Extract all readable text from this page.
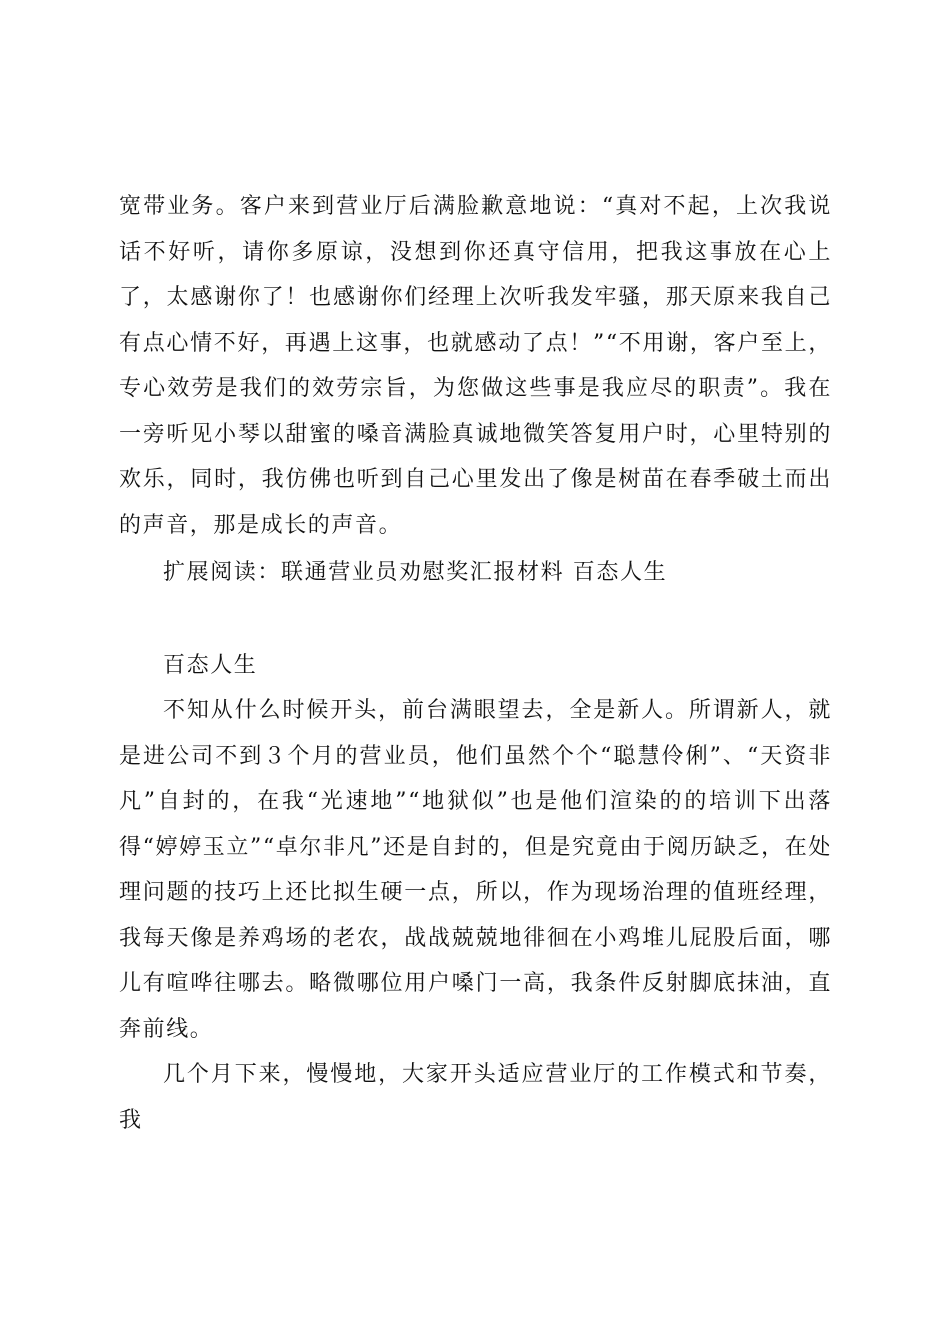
宽带业务。客户来到营业厅后满脸歉意地说：“真对不起，上次我说话不好听，请你多原谅，没想到你还真守信用，把我这事放在心上了，太感谢你了！也感谢你们经理上次听我发牢骚，那天原来我自己有点心情不好，再遇上这事，也就感动了点！”“不用谢，客户至上，专心效劳是我们的效劳宗旨，为您做这些事是我应尽的职责”。我在一旁听见小琴以甜蜜的嗓音满脸真诚地微笑答复用户时，心里特别的欢乐，同时，我仿佛也听到自己心里发出了像是树苗在春季破土而出的声音，那是成长的声音。

扩展阅读：联通营业员劝慰奖汇报材料 百态人生

百态人生

不知从什么时候开头，前台满眼望去，全是新人。所谓新人，就是进公司不到３个月的营业员，他们虽然个个“聪慧伶俐”、“天资非凡”自封的，在我“光速地”“地狱似”也是他们渲染的的培训下出落得“婷婷玉立”“卓尔非凡”还是自封的，但是究竟由于阅历缺乏，在处理问题的技巧上还比拟生硬一点，所以，作为现场治理的值班经理，我每天像是养鸡场的老农，战战兢兢地徘徊在小鸡堆儿屁股后面，哪儿有喧哗往哪去。略微哪位用户嗓门一高，我条件反射脚底抹油，直奔前线。

几个月下来，慢慢地，大家开头适应营业厅的工作模式和节奏，我
